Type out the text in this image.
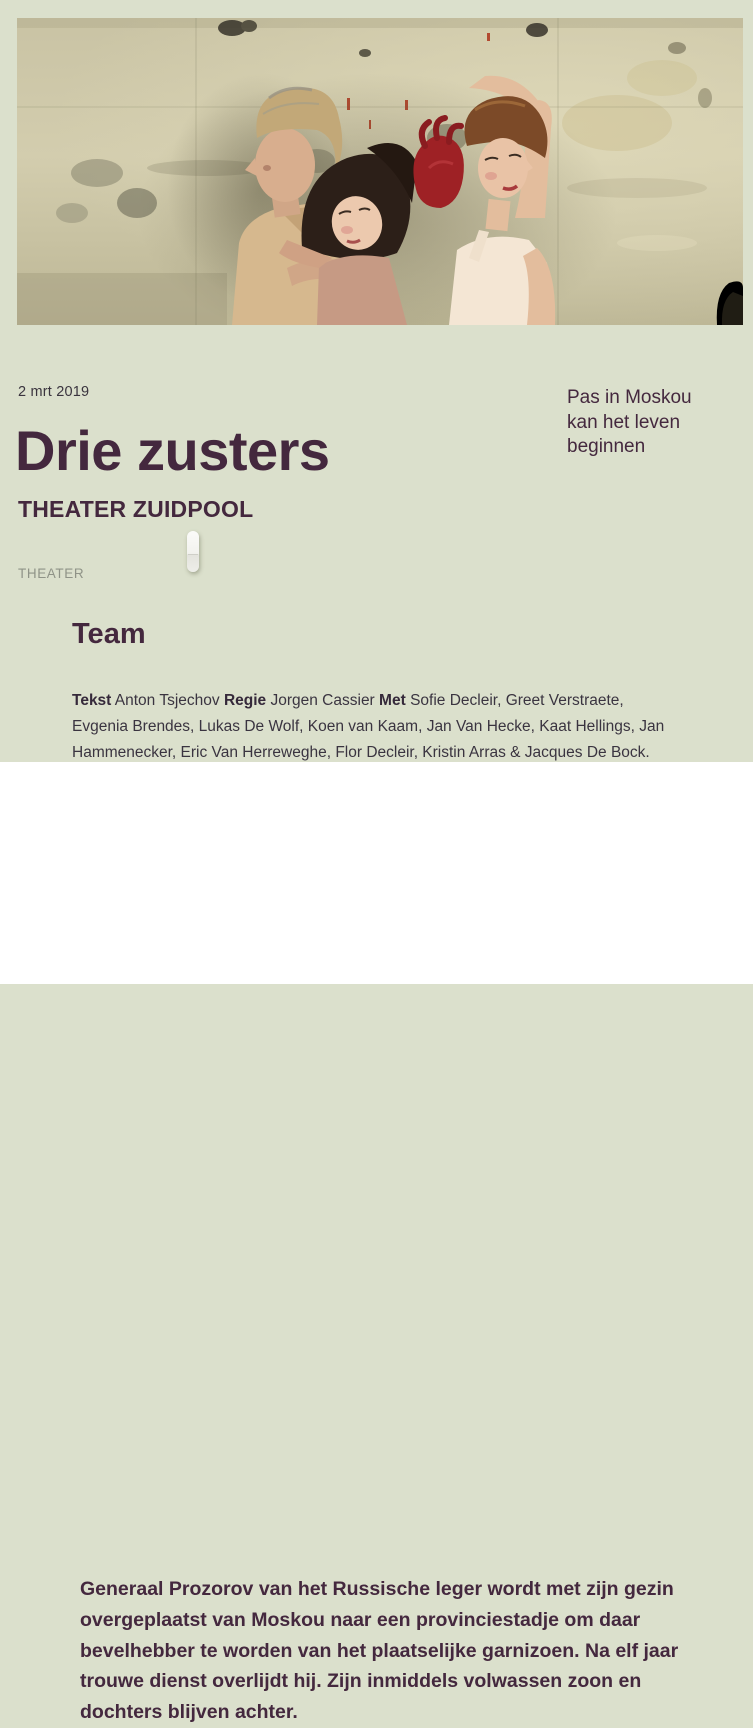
2 mrt 2019
Drie zusters
THEATER ZUIDPOOL
THEATER
Pas in Moskou kan het leven beginnen
Team

Tekst Anton Tsjechov Regie Jorgen Cassier Met Sofie Decleir, Greet Verstraete, Evgenia Brendes, Lukas De Wolf, Koen van Kaam, Jan Van Hecke, Kaat Hellings, Jan Hammenecker, Eric Van Herreweghe, Flor Decleir, Kristin Arras & Jacques De Bock.

Generaal Prozorov van het Russische leger wordt met zijn gezin overgeplaatst van Moskou naar een provinciestadje om daar bevelhebber te worden van het plaatselijke garnizoen. Na elf jaar trouwe dienst overlijdt hij. Zijn inmiddels volwassen zoon en dochters blijven achter.
